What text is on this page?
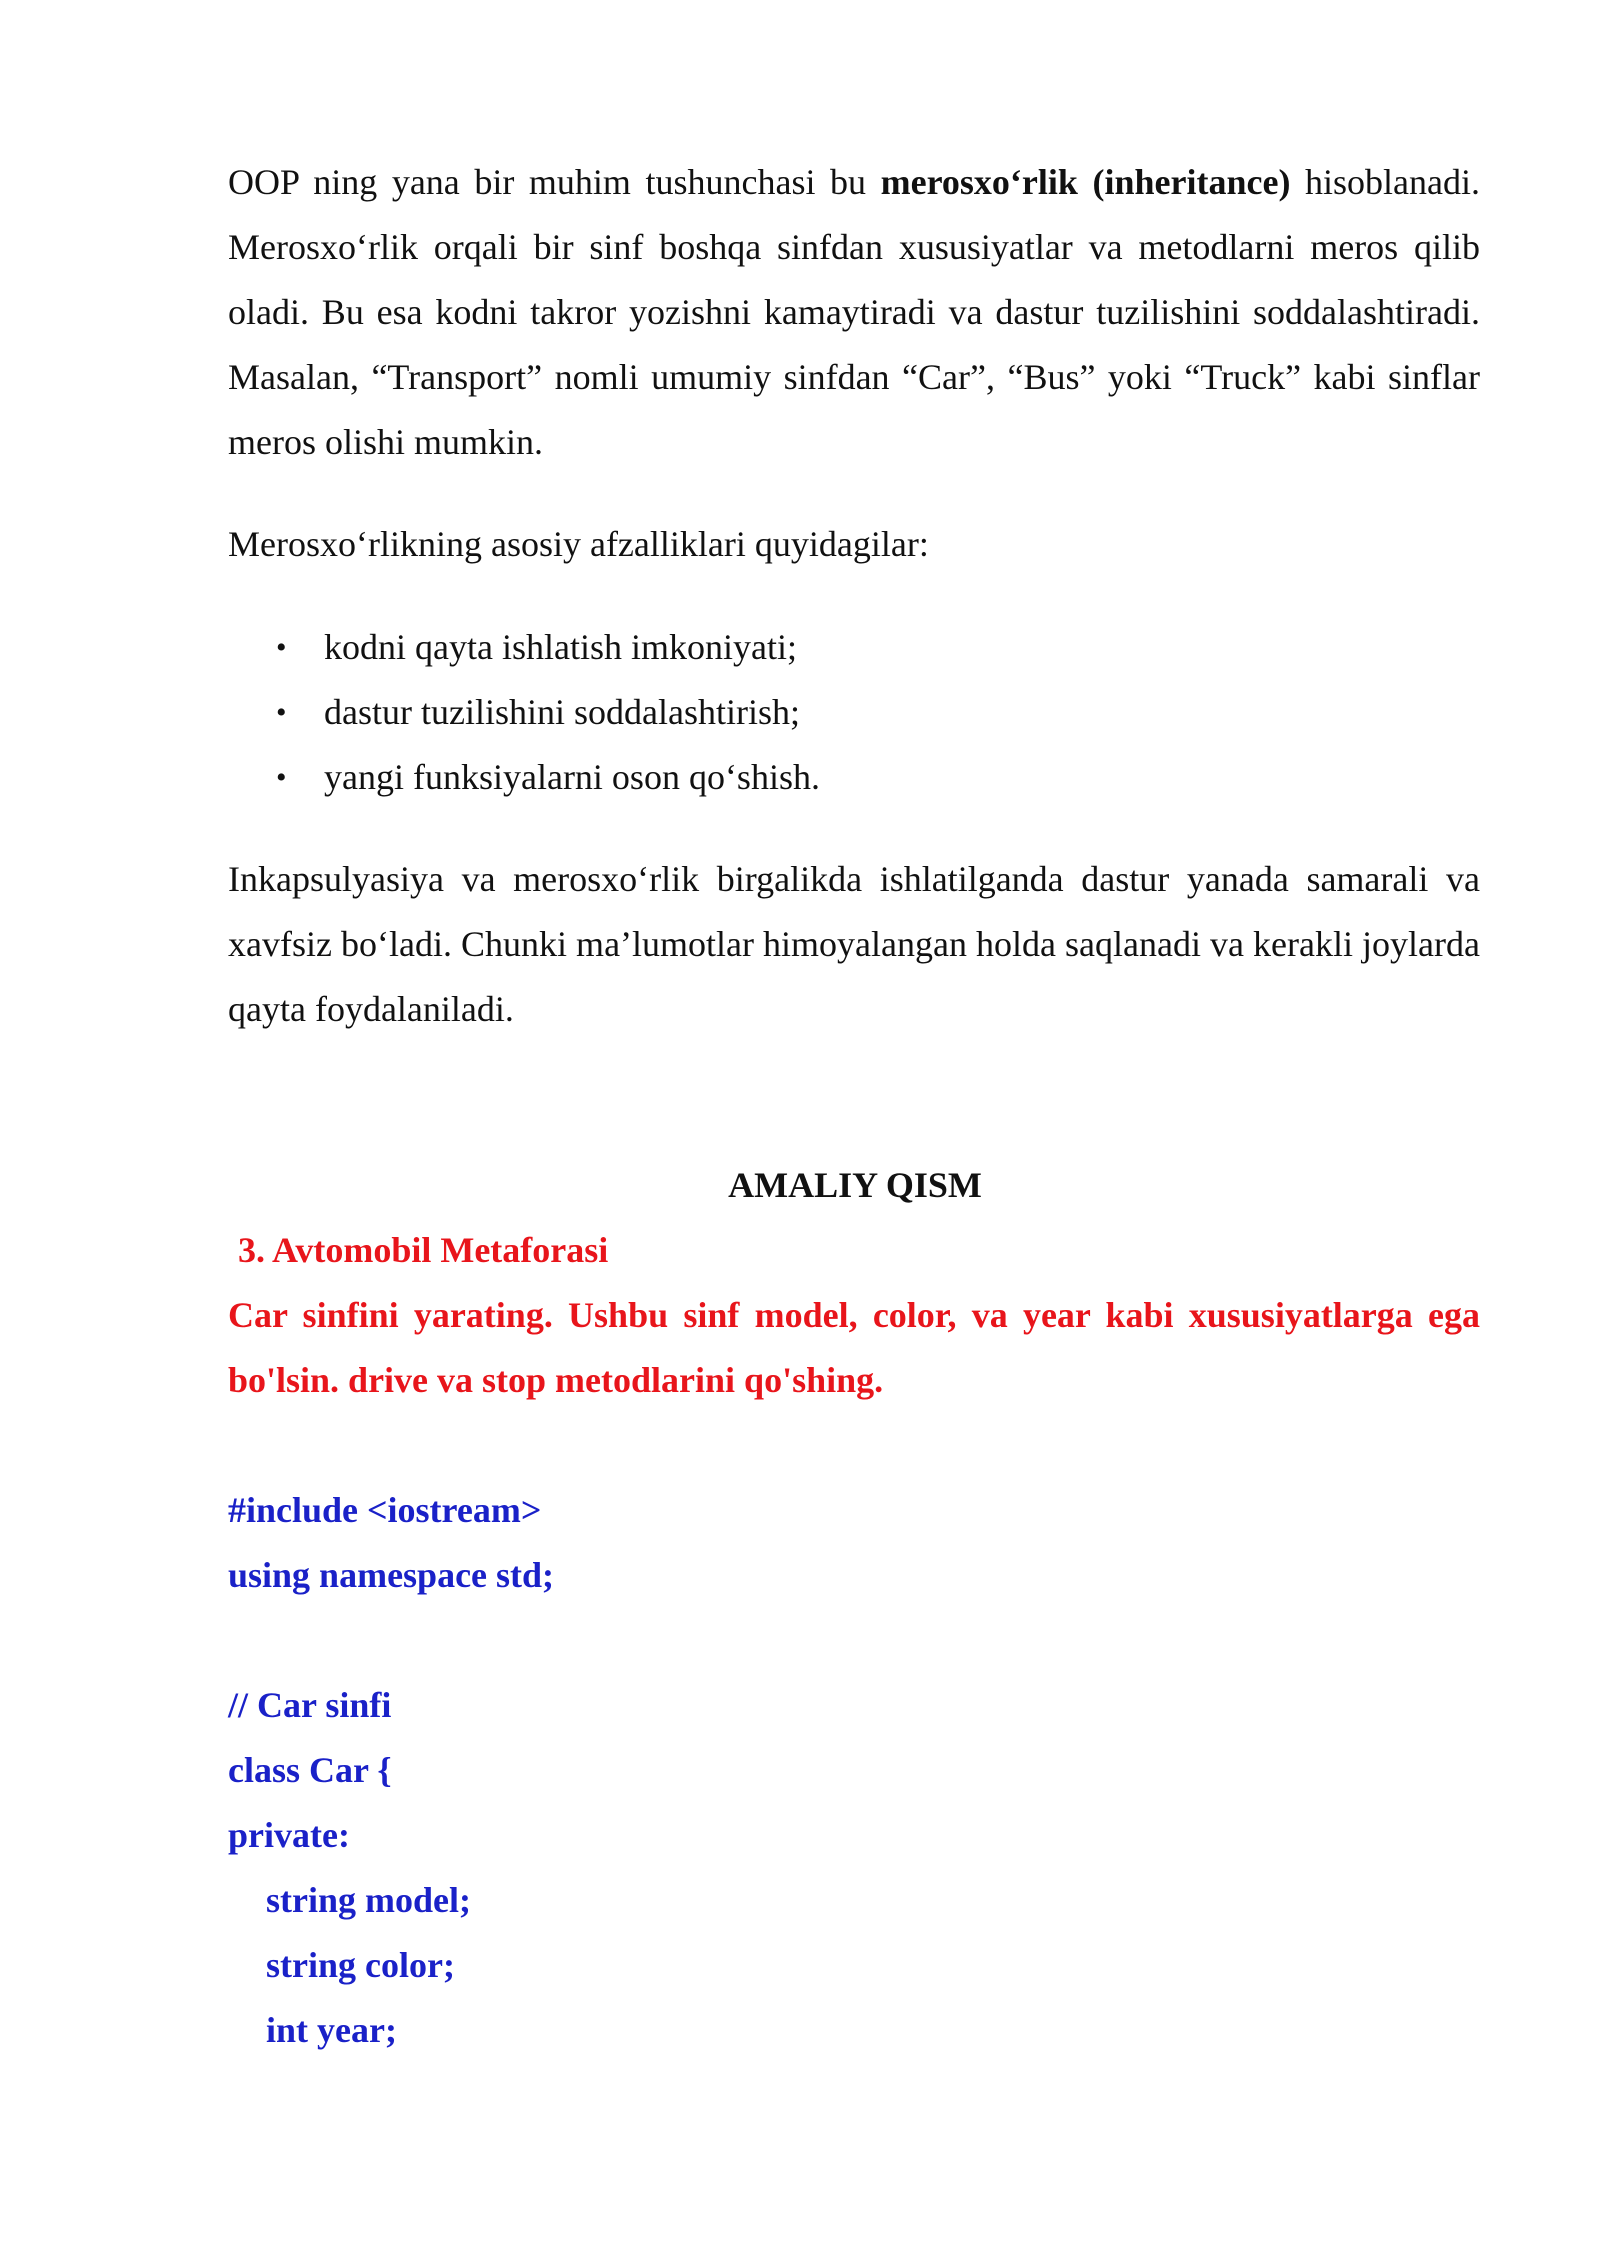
OOP ning yana bir muhim tushunchasi bu merosxo‘rlik (inheritance) hisoblanadi. Merosxo‘rlik orqali bir sinf boshqa sinfdan xususiyatlar va metodlarni meros qilib oladi. Bu esa kodni takror yozishni kamaytiradi va dastur tuzilishini soddalashtiradi. Masalan, “Transport” nomli umumiy sinfdan “Car”, “Bus” yoki “Truck” kabi sinflar meros olishi mumkin.

Merosxo‘rlikning asosiy afzalliklari quyidagilar:

• kodni qayta ishlatish imkoniyati;
• dastur tuzilishini soddalashtirish;
• yangi funksiyalarni oson qo‘shish.

Inkapsulyasiya va merosxo‘rlik birgalikda ishlatilganda dastur yanada samarali va xavfsiz bo‘ladi. Chunki ma’lumotlar himoyalangan holda saqlanadi va kerakli joylarda qayta foydalaniladi.

AMALIY QISM

3. Avtomobil Metaforasi

Car sinfini yarating. Ushbu sinf model, color, va year kabi xususiyatlarga ega bo'lsin. drive va stop metodlarini qo'shing.

#include <iostream>
using namespace std;
// Car sinfi
class Car {
private:
string model;
string color;
int year;
